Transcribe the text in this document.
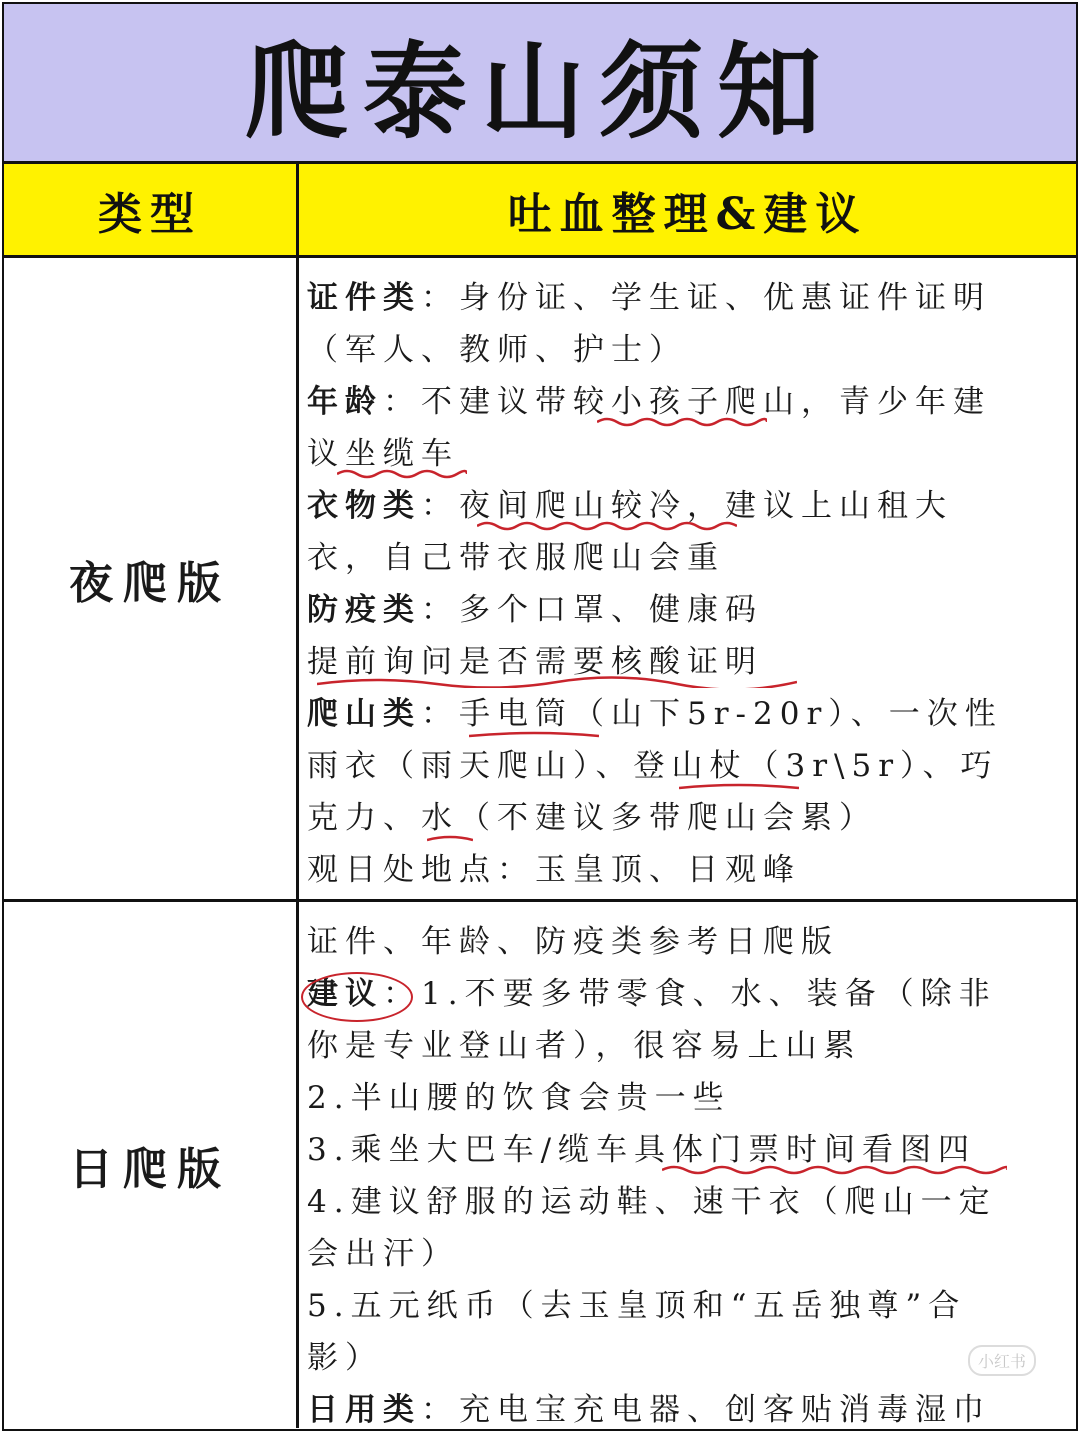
爬泰山须知
类型	吐血整理&建议
夜爬版
证件类：身份证、学生证、优惠证件证明
（军人、教师、护士）
年龄：不建议带较小孩子爬山，青少年建
议坐缆车
衣物类：夜间爬山较冷，建议上山租大
衣，自己带衣服爬山会重
防疫类：多个口罩、健康码
提前询问是否需要核酸证明
爬山类：手电筒（山下5r-20r）、一次性
雨衣（雨天爬山）、登山杖（3r\5r）、巧
克力、水（不建议多带爬山会累）
观日处地点：玉皇顶、日观峰
日爬版
证件、年龄、防疫类参考日爬版
建议：1.不要多带零食、水、装备（除非
你是专业登山者），很容易上山累
2.半山腰的饮食会贵一些
3.乘坐大巴车/缆车具体门票时间看图四
4.建议舒服的运动鞋、速干衣（爬山一定
会出汗）
5.五元纸币（去玉皇顶和“五岳独尊”合
影）
日用类：充电宝充电器、创客贴消毒湿巾
小红书
